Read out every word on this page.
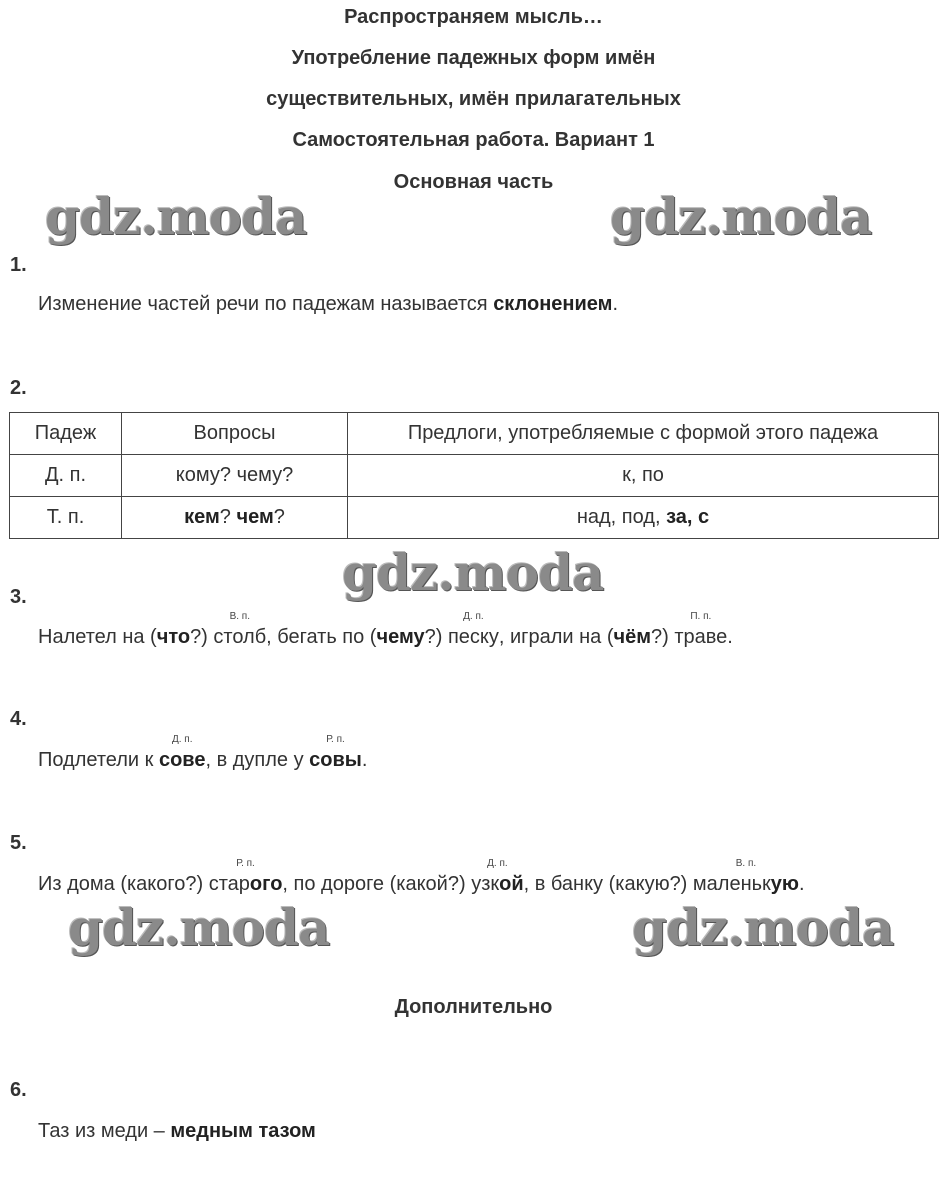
Распространяем мысль…
Употребление падежных форм имён
существительных, имён прилагательных
Самостоятельная работа. Вариант 1
Основная часть
gdz.moda	gdz.moda
gdz.moda
gdz.moda	gdz.moda
1.
Изменение частей речи по падежам называется склонением.
2.
Падеж	Вопросы	Предлоги, употребляемые с формой этого падежа
Д. п.	кому? чему?	к, по
Т. п.	кем? чем?	над, под, за, с
3.
Налетел на (что?) столб
В. п.
, бегать по (чему?) песку
Д. п.
, играли на (чём?) траве
П. п.
.
4.
Подлетели к сове
Д. п.
, в дупле у совы
Р. п.
.
5.
Из дома (какого?) старого
Р. п.
, по дороге (какой?) узкой
Д. п.
, в банку (какую?) маленькую
В. п.
.
Дополнительно
6.
Таз из меди – медным тазом
